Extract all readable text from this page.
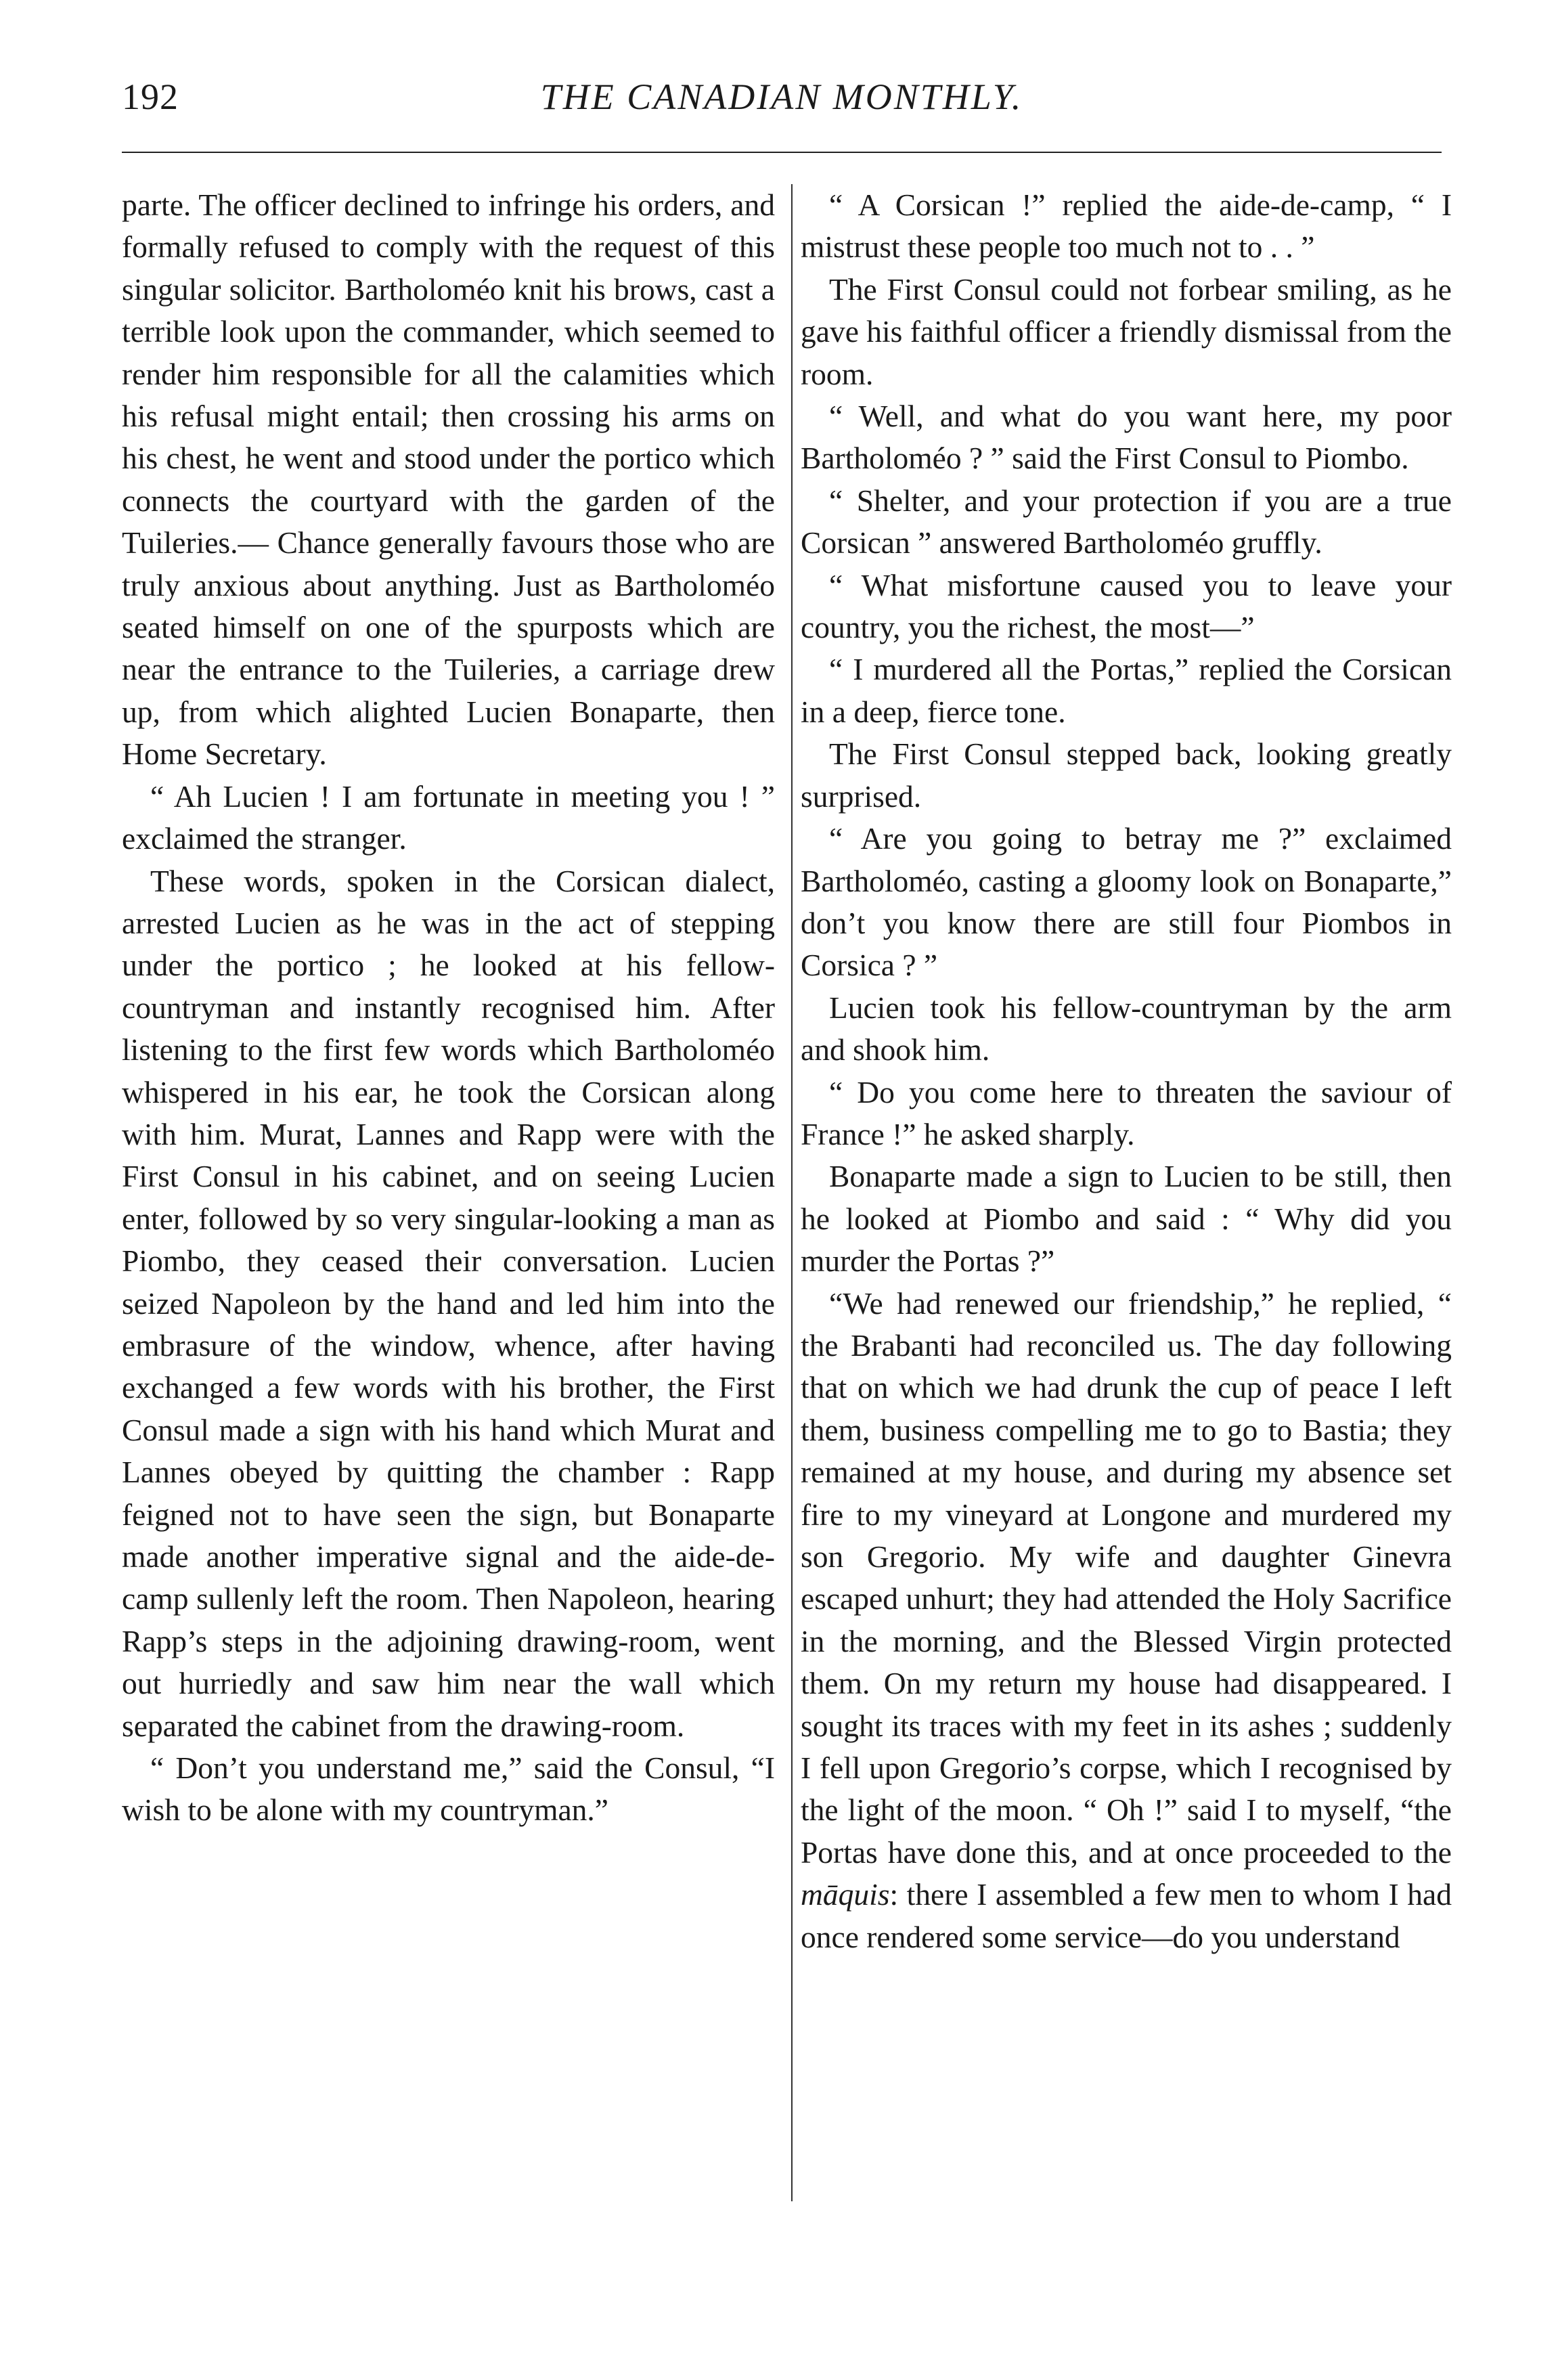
192	THE CANADIAN MONTHLY.

parte. The officer declined to infringe his orders, and formally refused to comply with the request of this singular solicitor. Bartholoméo knit his brows, cast a terrible look upon the commander, which seemed to render him responsible for all the calamities which his refusal might entail; then crossing his arms on his chest, he went and stood under the portico which connects the courtyard with the garden of the Tuileries.— Chance generally favours those who are truly anxious about anything. Just as Bartholoméo seated himself on one of the spurposts which are near the entrance to the Tuileries, a carriage drew up, from which alighted Lucien Bonaparte, then Home Secretary.

“ Ah Lucien ! I am fortunate in meeting you ! ” exclaimed the stranger.

These words, spoken in the Corsican dialect, arrested Lucien as he was in the act of stepping under the portico ; he looked at his fellow-countryman and instantly recognised him. After listening to the first few words which Bartholoméo whispered in his ear, he took the Corsican along with him. Murat, Lannes and Rapp were with the First Consul in his cabinet, and on seeing Lucien enter, followed by so very singular-looking a man as Piombo, they ceased their conversation. Lucien seized Napoleon by the hand and led him into the embrasure of the window, whence, after having exchanged a few words with his brother, the First Consul made a sign with his hand which Murat and Lannes obeyed by quitting the chamber : Rapp feigned not to have seen the sign, but Bonaparte made another imperative signal and the aide-de-camp sullenly left the room. Then Napoleon, hearing Rapp’s steps in the adjoining drawing-room, went out hurriedly and saw him near the wall which separated the cabinet from the drawing-room.

“ Don’t you understand me,” said the Consul, “I wish to be alone with my countryman.”

“ A Corsican !” replied the aide-de-camp, “ I mistrust these people too much not to . . ”

The First Consul could not forbear smiling, as he gave his faithful officer a friendly dismissal from the room.

“ Well, and what do you want here, my poor Bartholoméo ? ” said the First Consul to Piombo.

“ Shelter, and your protection if you are a true Corsican ” answered Bartholoméo gruffly.

“ What misfortune caused you to leave your country, you the richest, the most—”

“ I murdered all the Portas,” replied the Corsican in a deep, fierce tone.

The First Consul stepped back, looking greatly surprised.

“ Are you going to betray me ?” exclaimed Bartholoméo, casting a gloomy look on Bonaparte,” don’t you know there are still four Piombos in Corsica ? ”

Lucien took his fellow-countryman by the arm and shook him.

“ Do you come here to threaten the saviour of France !” he asked sharply.

Bonaparte made a sign to Lucien to be still, then he looked at Piombo and said : “ Why did you murder the Portas ?”

“We had renewed our friendship,” he replied, “ the Brabanti had reconciled us. The day following that on which we had drunk the cup of peace I left them, business compelling me to go to Bastia; they remained at my house, and during my absence set fire to my vineyard at Longone and murdered my son Gregorio. My wife and daughter Ginevra escaped unhurt; they had attended the Holy Sacrifice in the morning, and the Blessed Virgin protected them. On my return my house had disappeared. I sought its traces with my feet in its ashes ; suddenly I fell upon Gregorio’s corpse, which I recognised by the light of the moon. “ Oh !” said I to myself, “the Portas have done this, and at once proceeded to the māquis: there I assembled a few men to whom I had once rendered some service—do you understand
